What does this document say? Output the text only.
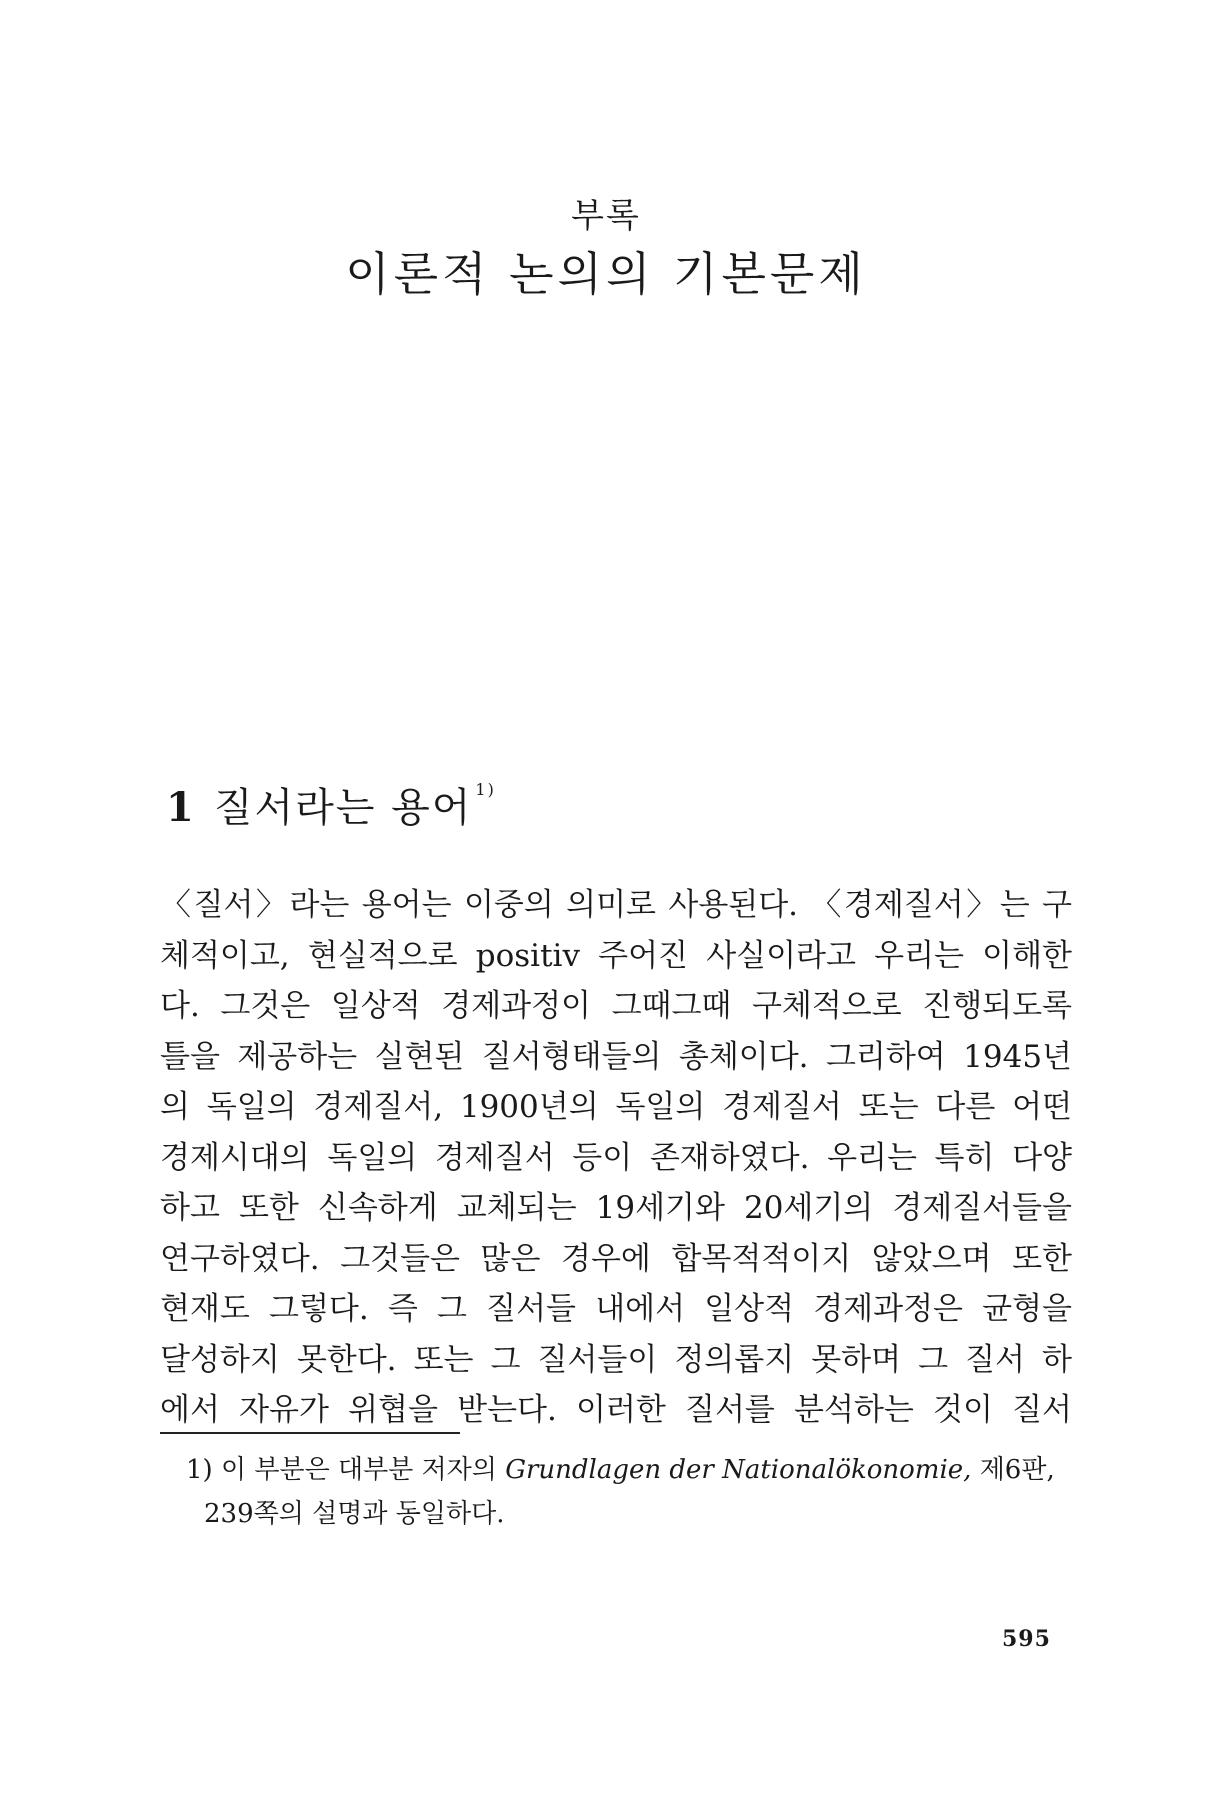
부록
이론적 논의의 기본문제
1 질서라는 용어 $^{1)}$
〈질서〉라는 용어는 이중의 의미로 사용된다. 〈경제질서〉는 구
체적이고, 현실적으로 positiv 주어진 사실이라고 우리는 이해한
다. 그것은 일상적 경제과정이 그때그때 구체적으로 진행되도록
틀을 제공하는 실현된 질서형태들의 총체이다. 그리하여 1945년
의 독일의 경제질서, 1900년의 독일의 경제질서 또는 다른 어떤
경제시대의 독일의 경제질서 등이 존재하였다. 우리는 특히 다양
하고 또한 신속하게 교체되는 19세기와 20세기의 경제질서들을
연구하였다. 그것들은 많은 경우에 합목적적이지 않았으며 또한
현재도 그렇다. 즉 그 질서들 내에서 일상적 경제과정은 균형을
달성하지 못한다. 또는 그 질서들이 정의롭지 못하며 그 질서 하
에서 자유가 위협을 받는다. 이러한 질서를 분석하는 것이 질서
1) 이 부분은 대부분 저자의 Grundlagen der Nationalökonomie, 제6판,
239쪽의 설명과 동일하다.
595
